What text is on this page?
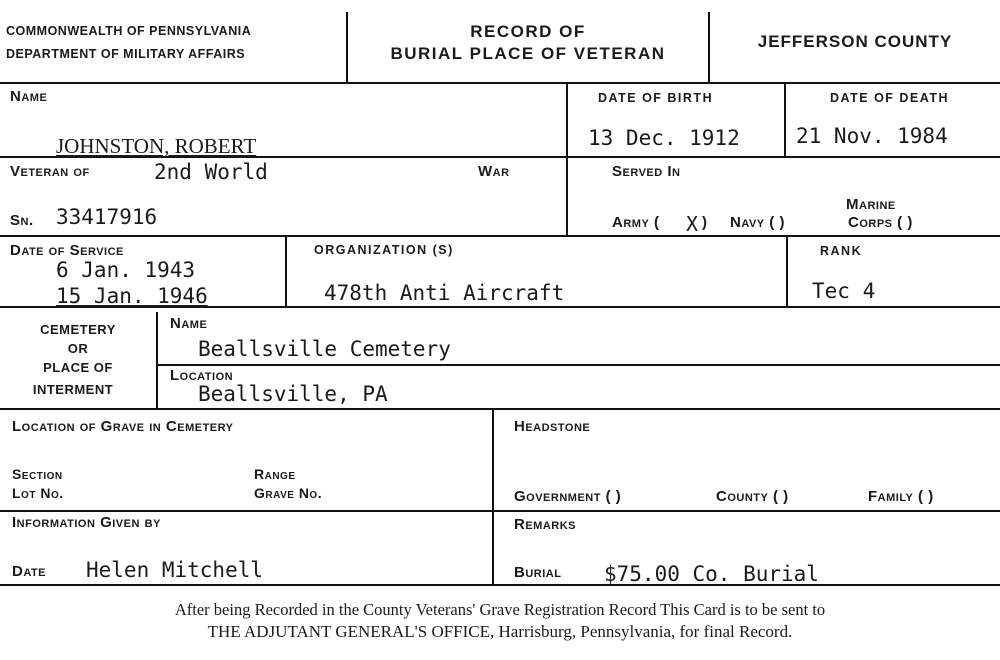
COMMONWEALTH OF PENNSYLVANIA
DEPARTMENT OF MILITARY AFFAIRS
RECORD OF
BURIAL PLACE OF VETERAN
JEFFERSON COUNTY
Name
JOHNSTON, ROBERT
DATE OF BIRTH
13 Dec. 1912
DATE OF DEATH
21 Nov. 1984
Veteran of	2nd World	War	Served In
Sn. 33417916	Army ( X ) Navy ( )
Marine
Corps ( )
Date of Service
6 Jan. 1943
15 Jan. 1946
ORGANIZATION (S)
478th Anti Aircraft
RANK
Tec 4
CEMETERY
OR
PLACE OF
INTERMENT
Name
Beallsville Cemetery
Location
Beallsville, PA
Location of Grave in Cemetery
Section	Range
Lot No.	Grave No.
Headstone
Government ( )	County ( )	Family ( )
Information Given by
Date Helen Mitchell
Remarks
Burial $75.00 Co. Burial
After being Recorded in the County Veterans' Grave Registration Record This Card is to be sent to
THE ADJUTANT GENERAL'S OFFICE, Harrisburg, Pennsylvania, for final Record.
